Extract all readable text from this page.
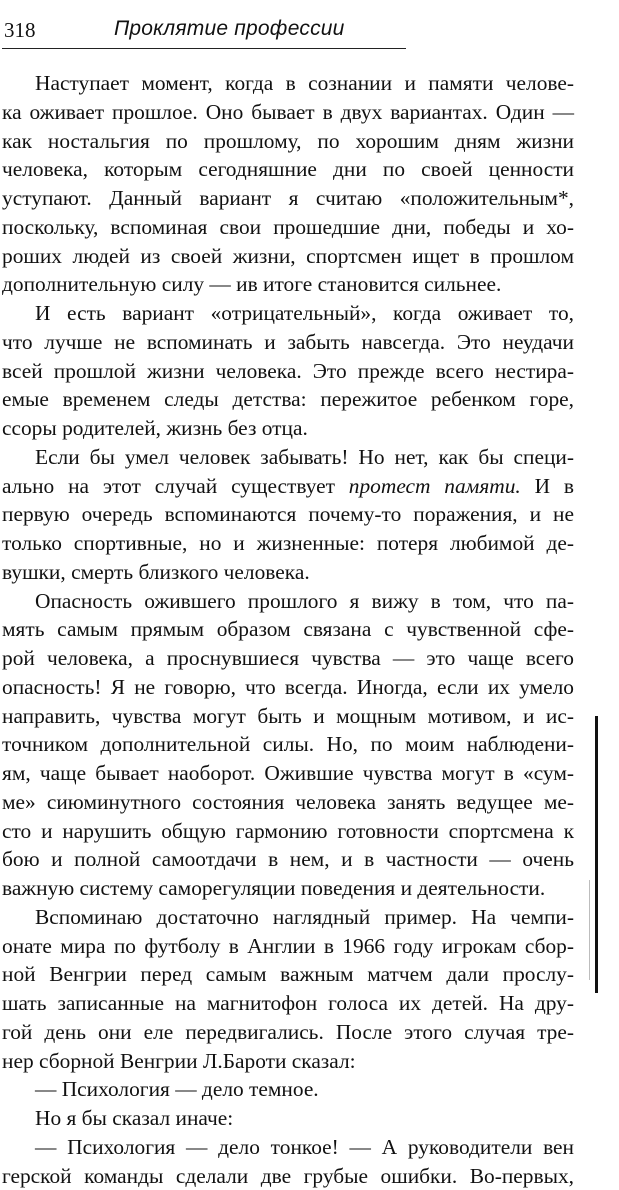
318	Проклятие профессии
Наступает момент, когда в сознании и памяти челове-
ка оживает прошлое. Оно бывает в двух вариантах. Один —
как ностальгия по прошлому, по хорошим дням жизни
человека, которым сегодняшние дни по своей ценности
уступают. Данный вариант я считаю «положительным*,
поскольку, вспоминая свои прошедшие дни, победы и хо-
роших людей из своей жизни, спортсмен ищет в прошлом
дополнительную силу — ив итоге становится сильнее.
И есть вариант «отрицательный», когда оживает то,
что лучше не вспоминать и забыть навсегда. Это неудачи
всей прошлой жизни человека. Это прежде всего нестира-
емые временем следы детства: пережитое ребенком горе,
ссоры родителей, жизнь без отца.
Если бы умел человек забывать! Но нет, как бы специ-
ально на этот случай существует протест памяти. И в
первую очередь вспоминаются почему-то поражения, и не
только спортивные, но и жизненные: потеря любимой де-
вушки, смерть близкого человека.
Опасность ожившего прошлого я вижу в том, что па-
мять самым прямым образом связана с чувственной сфе-
рой человека, а проснувшиеся чувства — это чаще всего
опасность! Я не говорю, что всегда. Иногда, если их умело
направить, чувства могут быть и мощным мотивом, и ис-
точником дополнительной силы. Но, по моим наблюдени-
ям, чаще бывает наоборот. Ожившие чувства могут в «сум-
ме» сиюминутного состояния человека занять ведущее ме-
сто и нарушить общую гармонию готовности спортсмена к
бою и полной самоотдачи в нем, и в частности — очень
важную систему саморегуляции поведения и деятельности.
Вспоминаю достаточно наглядный пример. На чемпи-
онате мира по футболу в Англии в 1966 году игрокам сбор-
ной Венгрии перед самым важным матчем дали прослу-
шать записанные на магнитофон голоса их детей. На дру-
гой день они еле передвигались. После этого случая тре-
нер сборной Венгрии Л.Бароти сказал:
— Психология — дело темное.
Но я бы сказал иначе:
— Психология — дело тонкое! — А руководители вен
герской команды сделали две грубые ошибки. Во-первых,
